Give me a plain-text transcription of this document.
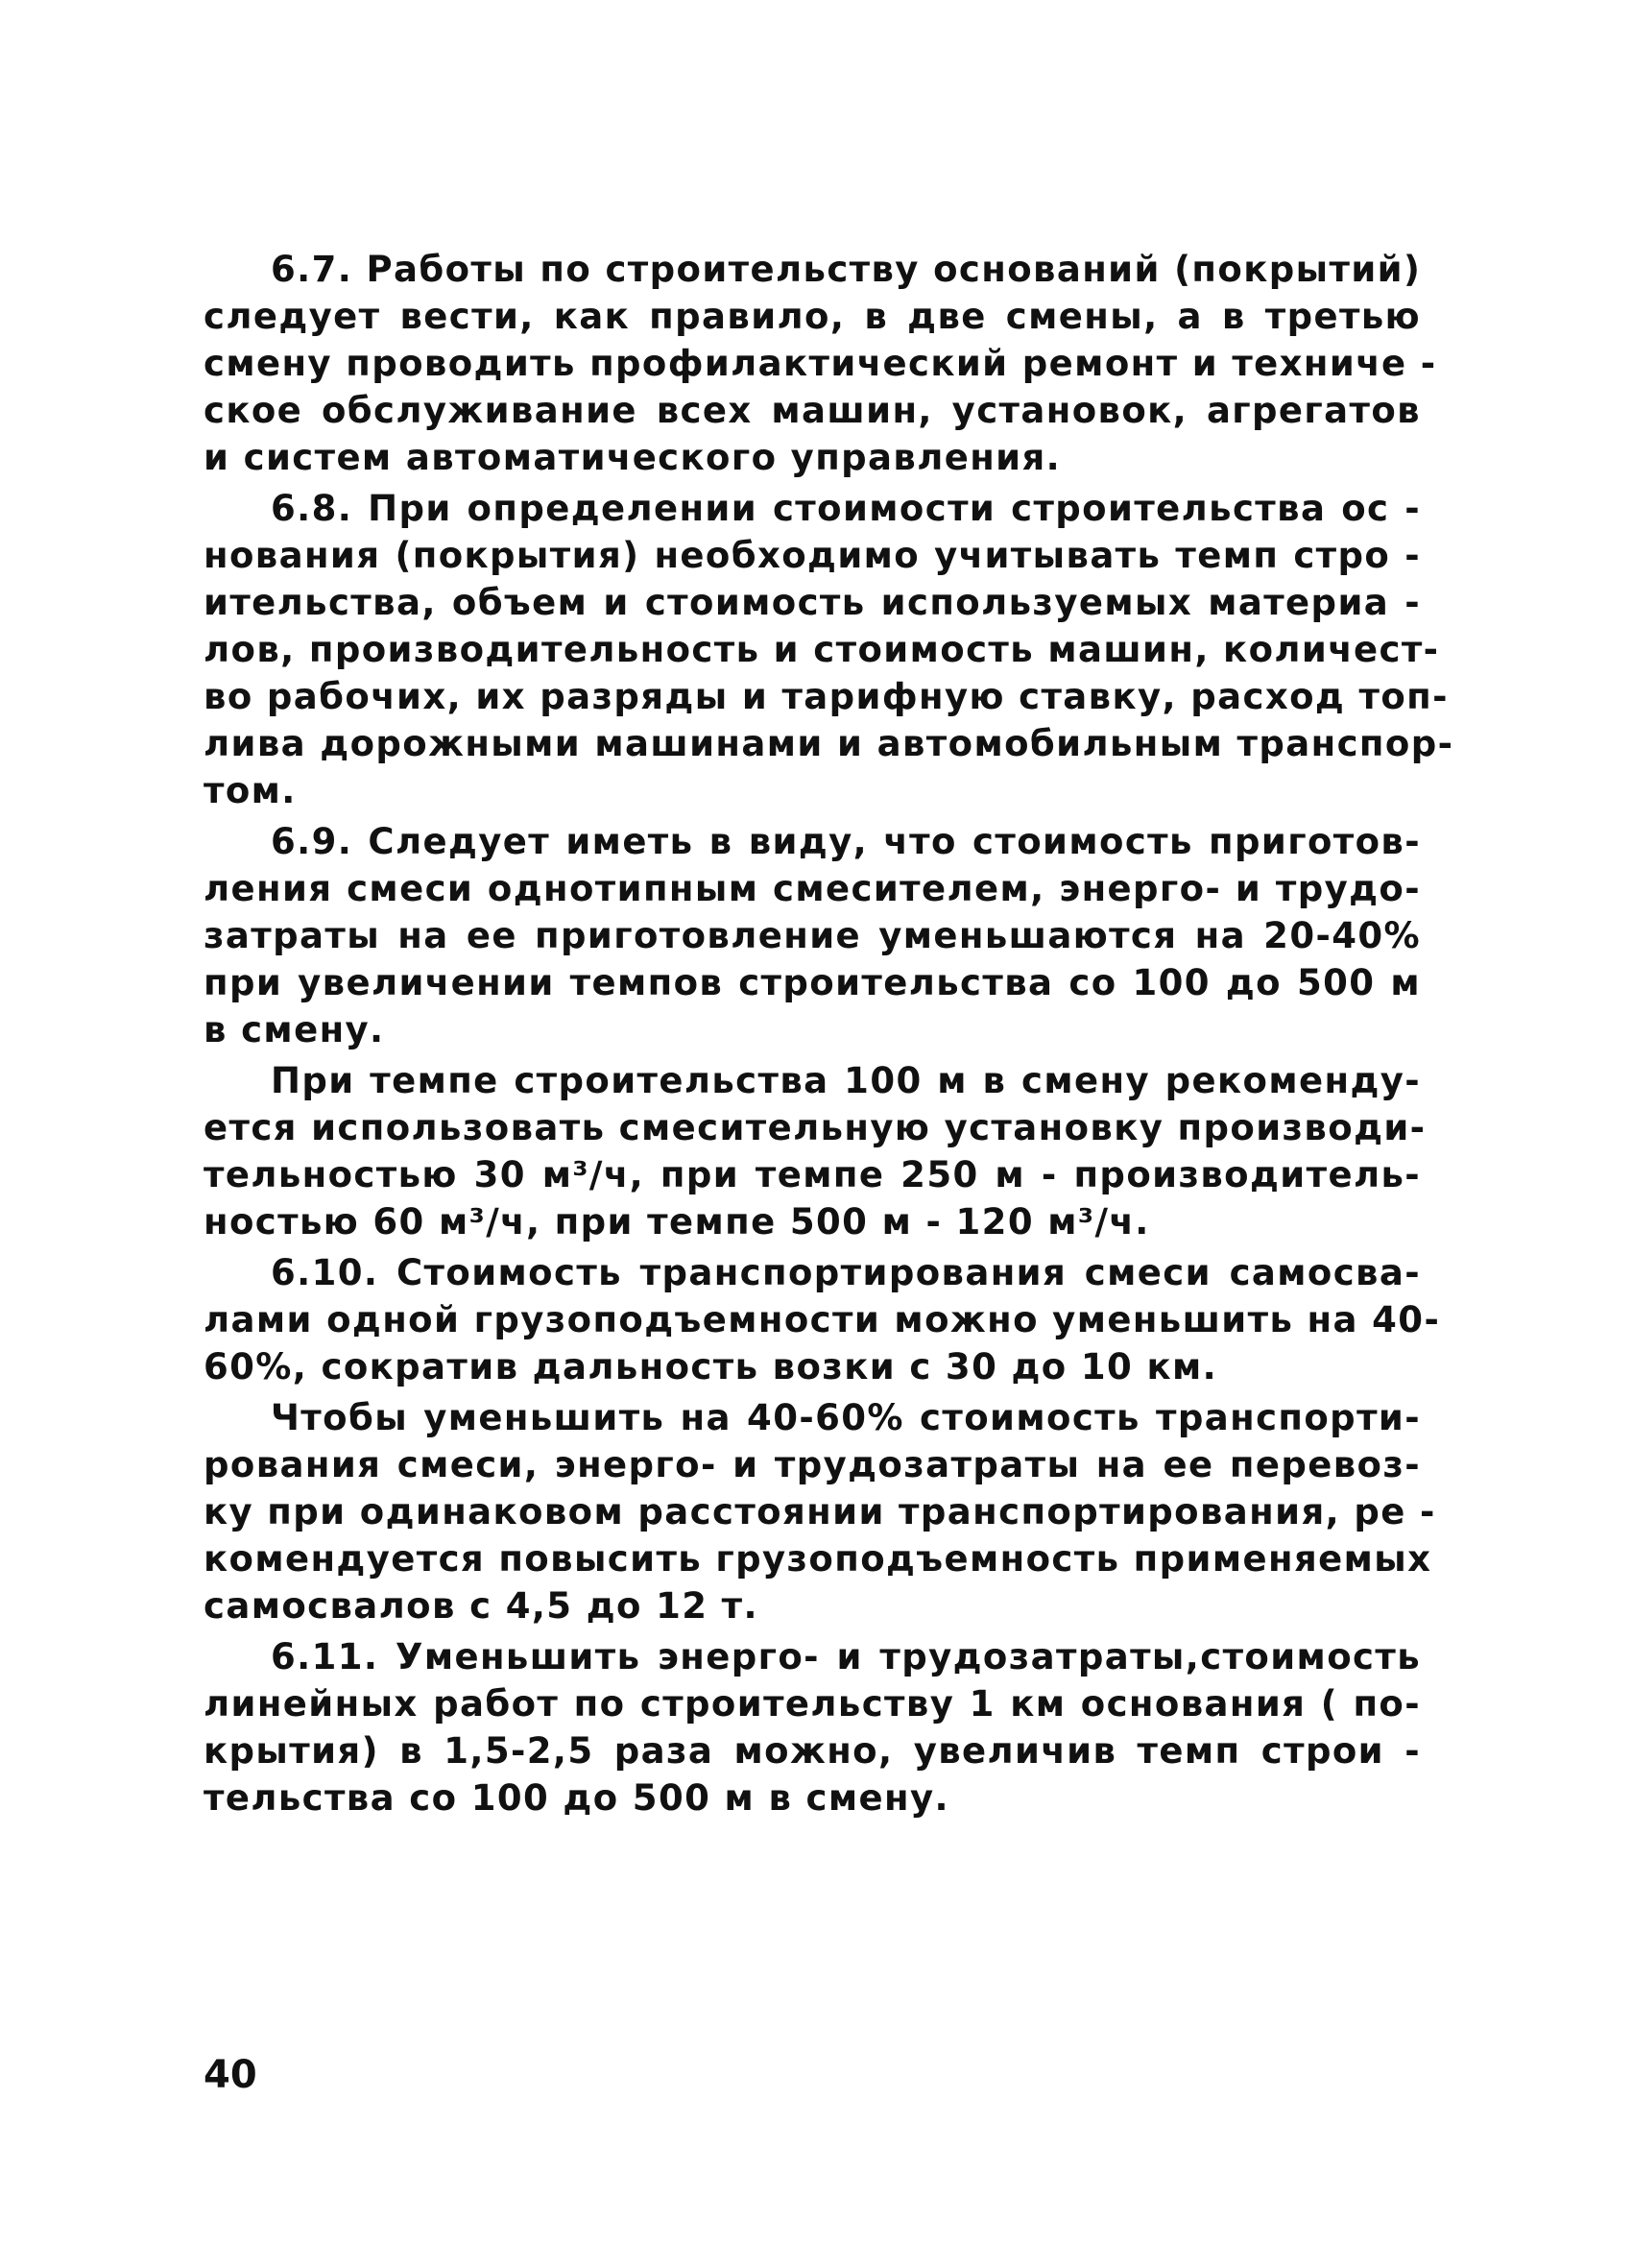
6.7. Работы по строительству оснований (покрытий)
следует вести, как правило, в две смены, а в третью
смену проводить профилактический ремонт и техниче -
ское обслуживание всех машин, установок, агрегатов
и систем автоматического управления.
6.8. При определении стоимости строительства ос -
нования (покрытия) необходимо учитывать темп стро -
ительства, объем и стоимость используемых материа -
лов, производительность и стоимость машин, количест-
во рабочих, их разряды и тарифную ставку, расход топ-
лива дорожными машинами и автомобильным транспор-
том.
6.9. Следует иметь в виду, что стоимость приготов-
ления смеси однотипным смесителем, энерго- и трудо-
затраты на ее приготовление уменьшаются на 20-40%
при увеличении темпов строительства со 100 до 500 м
в смену.
При темпе строительства 100 м в смену рекоменду-
ется использовать смесительную установку производи-
тельностью 30 м³/ч, при темпе 250 м - производитель-
ностью 60 м³/ч, при темпе 500 м - 120 м³/ч.
6.10. Стоимость транспортирования смеси самосва-
лами одной грузоподъемности можно уменьшить на 40-
60%, сократив дальность возки с 30 до 10 км.
Чтобы уменьшить на 40-60% стоимость транспорти-
рования смеси, энерго- и трудозатраты на ее перевоз-
ку при одинаковом расстоянии транспортирования, ре -
комендуется повысить грузоподъемность применяемых
самосвалов с 4,5 до 12 т.
6.11. Уменьшить энерго- и трудозатраты,стоимость
линейных работ по строительству 1 км основания ( по-
крытия) в 1,5-2,5 раза можно, увеличив темп строи -
тельства со 100 до 500 м в смену.
40
